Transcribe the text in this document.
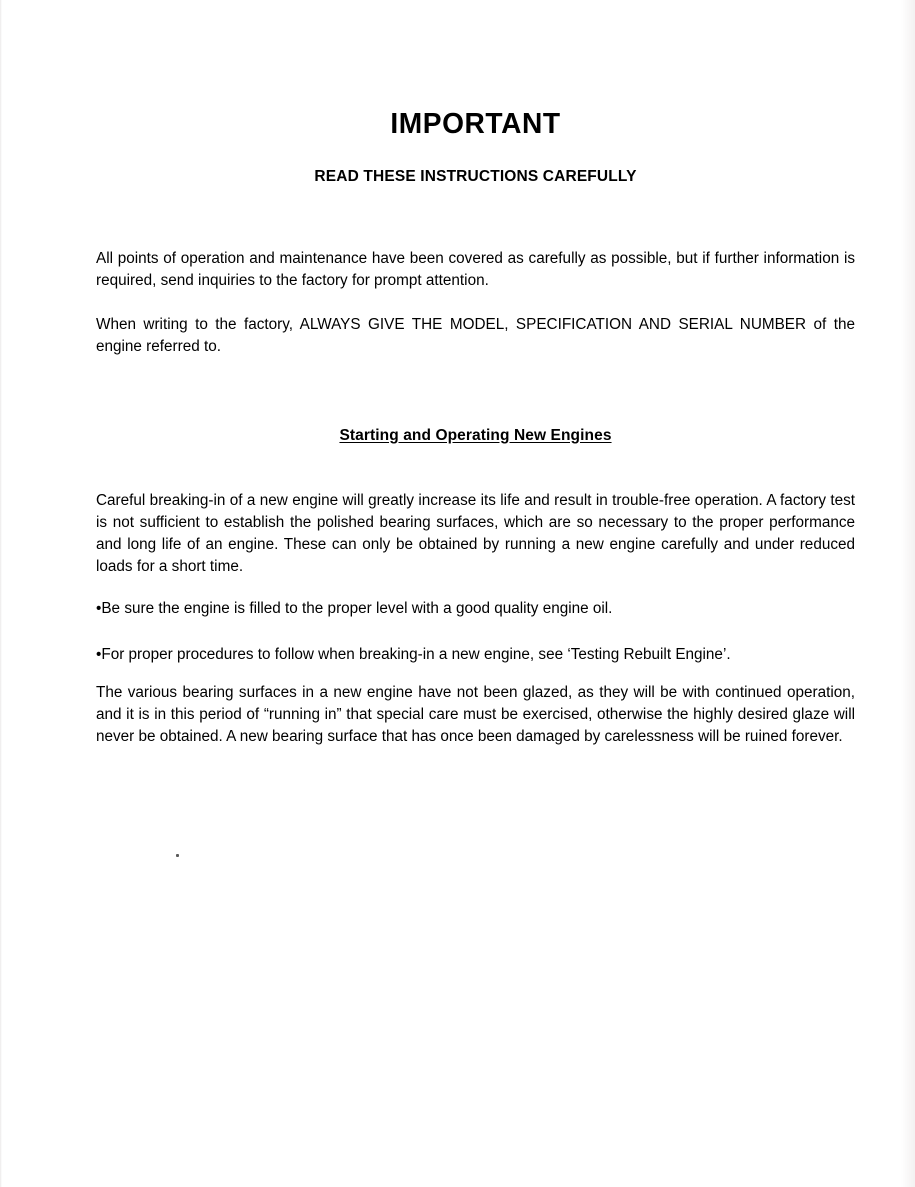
IMPORTANT
READ THESE INSTRUCTIONS CAREFULLY

All points of operation and maintenance have been covered as carefully as possible, but if further information is required, send inquiries to the factory for prompt attention.

When writing to the factory, ALWAYS GIVE THE MODEL, SPECIFICATION AND SERIAL NUMBER of the engine referred to.

Starting and Operating New Engines

Careful breaking-in of a new engine will greatly increase its life and result in trouble-free operation. A factory test is not sufficient to establish the polished bearing surfaces, which are so necessary to the proper performance and long life of an engine. These can only be obtained by running a new engine carefully and under reduced loads for a short time.

•Be sure the engine is filled to the proper level with a good quality engine oil.

•For proper procedures to follow when breaking-in a new engine, see ‘Testing Rebuilt Engine’.

The various bearing surfaces in a new engine have not been glazed, as they will be with continued operation, and it is in this period of “running in” that special care must be exercised, otherwise the highly desired glaze will never be obtained. A new bearing surface that has once been damaged by carelessness will be ruined forever.
